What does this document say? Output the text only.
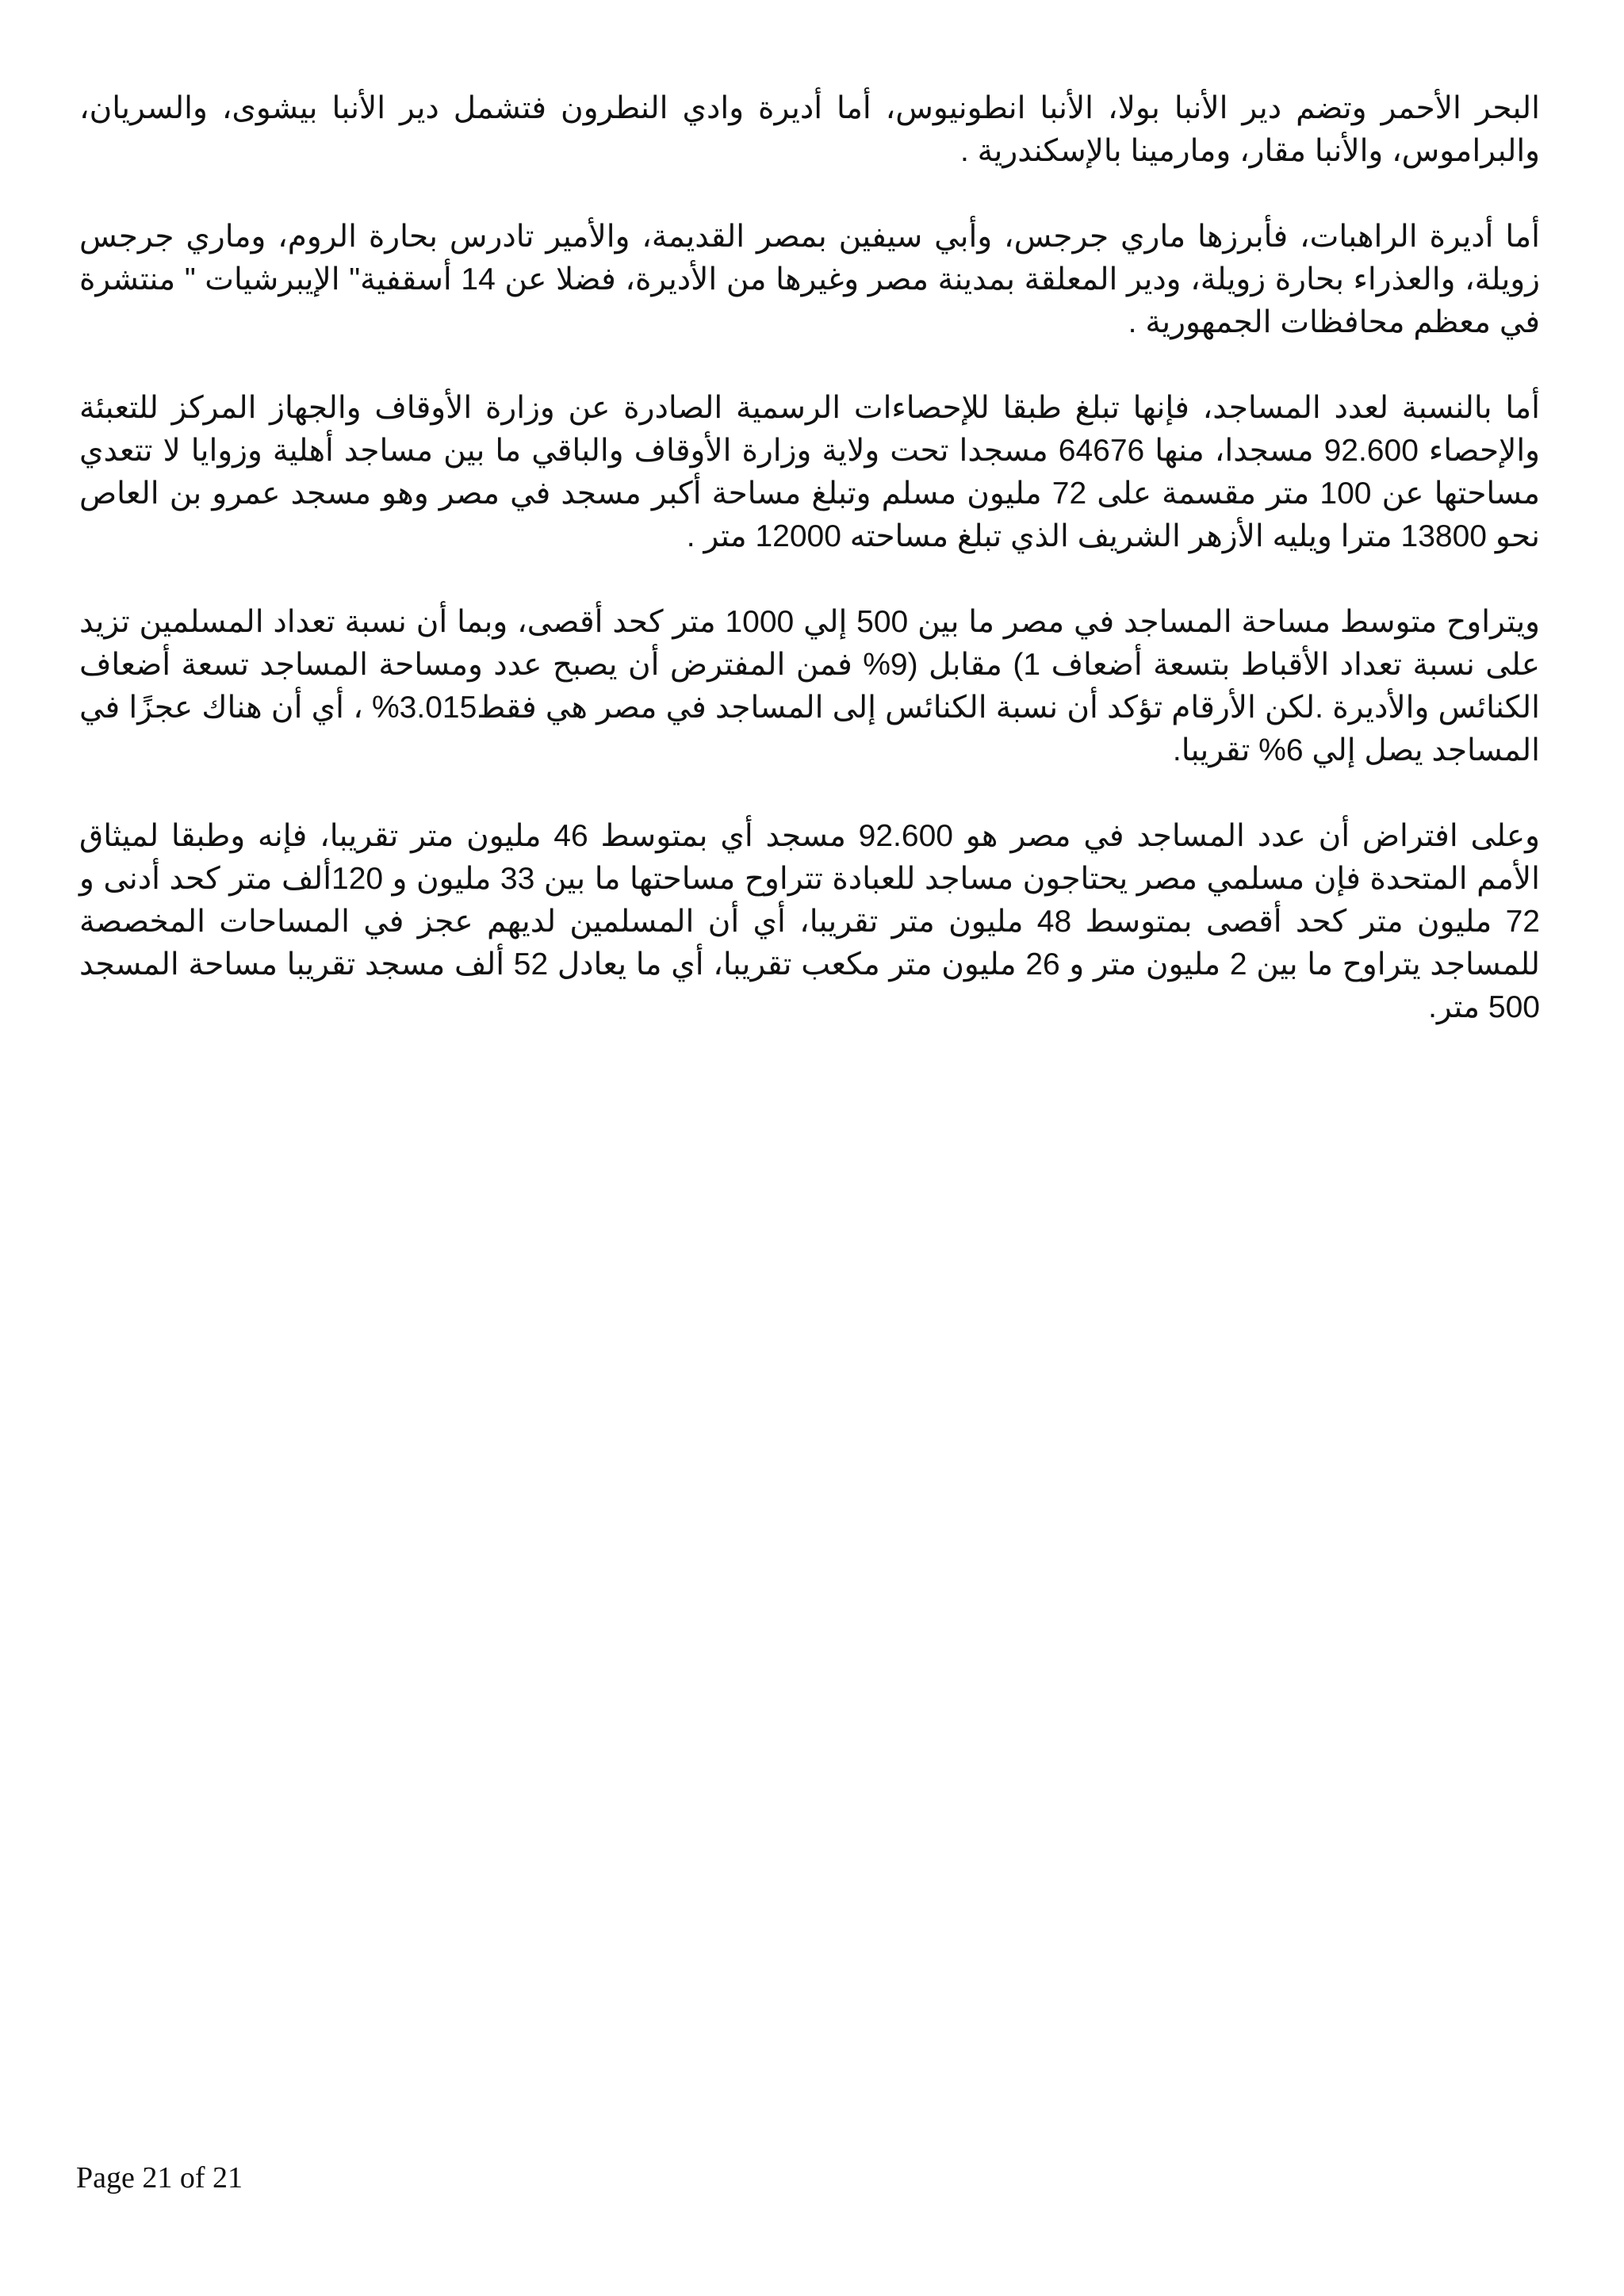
البحر الأحمر وتضم دير الأنبا بولا، الأنبا انطونيوس، أما أديرة وادي النطرون فتشمل دير الأنبا بيشوى، والسريان، والبراموس، والأنبا مقار، ومارمينا بالإسكندرية .

أما أديرة الراهبات، فأبرزها ماري جرجس، وأبي سيفين بمصر القديمة، والأمير تادرس بحارة الروم، وماري جرجس زويلة، والعذراء بحارة زويلة، ودير المعلقة بمدينة مصر وغيرها من الأديرة، فضلا عن 14 أسقفية" الإيبرشيات " منتشرة في معظم محافظات الجمهورية .

أما بالنسبة لعدد المساجد، فإنها تبلغ طبقا للإحصاءات الرسمية الصادرة عن وزارة الأوقاف والجهاز المركز للتعبئة والإحصاء 92.600 مسجدا، منها 64676 مسجدا تحت ولاية وزارة الأوقاف والباقي ما بين مساجد أهلية وزوايا لا تتعدي مساحتها عن 100 متر مقسمة على 72 مليون مسلم وتبلغ مساحة أكبر مسجد في مصر وهو مسجد عمرو بن العاص نحو 13800 مترا ويليه الأزهر الشريف الذي تبلغ مساحته 12000 متر .

ويتراوح متوسط مساحة المساجد في مصر ما بين 500 إلي 1000 متر كحد أقصى، وبما أن نسبة تعداد المسلمين تزيد على نسبة تعداد الأقباط بتسعة أضعاف 1) مقابل (9% فمن المفترض أن يصبح عدد ومساحة المساجد تسعة أضعاف الكنائس والأديرة .لكن الأرقام تؤكد أن نسبة الكنائس إلى المساجد في مصر هي فقط3.015% ، أي أن هناك عجزًا في المساجد يصل إلي 6% تقريبا.

وعلى افتراض أن عدد المساجد في مصر هو 92.600 مسجد أي بمتوسط 46 مليون متر تقريبا، فإنه وطبقا لميثاق الأمم المتحدة فإن مسلمي مصر يحتاجون مساجد للعبادة تتراوح مساحتها ما بين 33 مليون و 120ألف متر كحد أدنى و 72 مليون متر كحد أقصى بمتوسط 48 مليون متر تقريبا، أي أن المسلمين لديهم عجز في المساحات المخصصة للمساجد يتراوح ما بين 2 مليون متر و 26 مليون متر مكعب تقريبا، أي ما يعادل 52 ألف مسجد تقريبا مساحة المسجد 500 متر.

Page 21 of 21
